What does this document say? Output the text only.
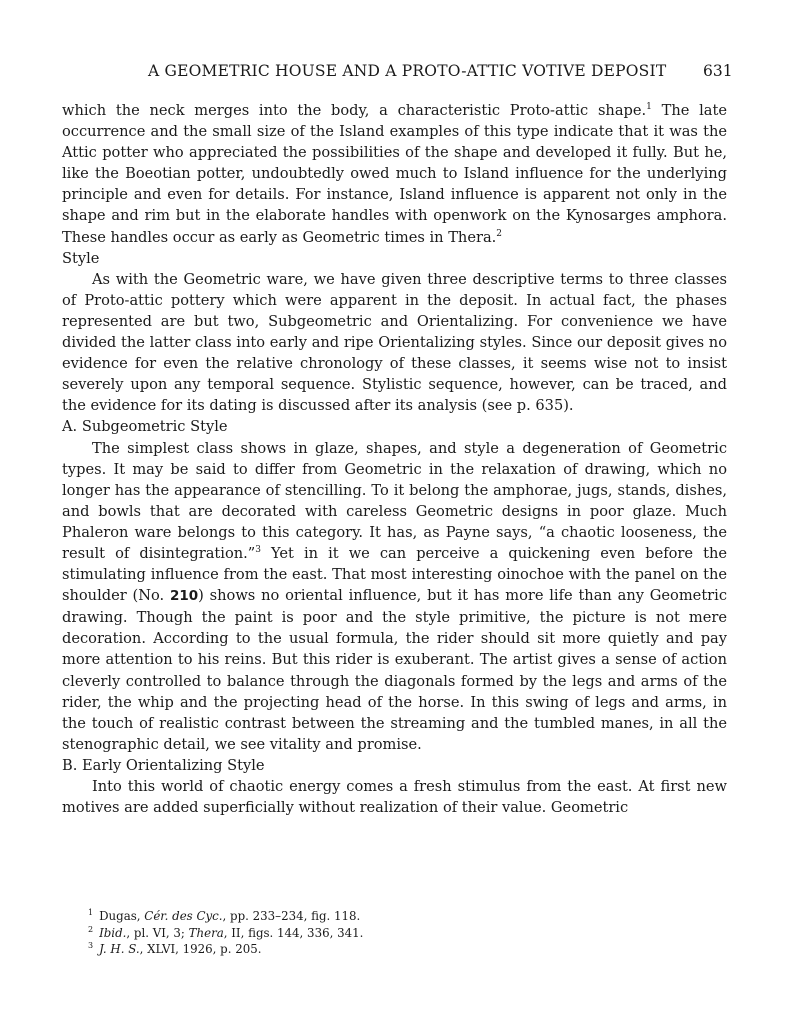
A GEOMETRIC HOUSE AND A PROTO-ATTIC VOTIVE DEPOSIT 631

which the neck merges into the body, a characteristic Proto-attic shape.$^1$ The late occurrence and the small size of the Island examples of this type indicate that it was the Attic potter who appreciated the possibilities of the shape and developed it fully. But he, like the Boeotian potter, undoubtedly owed much to Island influence for the underlying principle and even for details. For instance, Island influence is apparent not only in the shape and rim but in the elaborate handles with openwork on the Kynosarges amphora. These handles occur as early as Geometric times in Thera.$^2$

Style

As with the Geometric ware, we have given three descriptive terms to three classes of Proto-attic pottery which were apparent in the deposit. In actual fact, the phases represented are but two, Subgeometric and Orientalizing. For convenience we have divided the latter class into early and ripe Orientalizing styles. Since our deposit gives no evidence for even the relative chronology of these classes, it seems wise not to insist severely upon any temporal sequence. Stylistic sequence, however, can be traced, and the evidence for its dating is discussed after its analysis (see p. 635).

A. Subgeometric Style

The simplest class shows in glaze, shapes, and style a degeneration of Geometric types. It may be said to differ from Geometric in the relaxation of drawing, which no longer has the appearance of stencilling. To it belong the amphorae, jugs, stands, dishes, and bowls that are decorated with careless Geometric designs in poor glaze. Much Phaleron ware belongs to this category. It has, as Payne says, “a chaotic looseness, the result of disintegration.”$^3$ Yet in it we can perceive a quickening even before the stimulating influence from the east. That most interesting oinochoe with the panel on the shoulder (No. 210) shows no oriental influence, but it has more life than any Geometric drawing. Though the paint is poor and the style primitive, the picture is not mere decoration. According to the usual formula, the rider should sit more quietly and pay more attention to his reins. But this rider is exuberant. The artist gives a sense of action cleverly controlled to balance through the diagonals formed by the legs and arms of the rider, the whip and the projecting head of the horse. In this swing of legs and arms, in the touch of realistic contrast between the streaming and the tumbled manes, in all the stenographic detail, we see vitality and promise.

B. Early Orientalizing Style

Into this world of chaotic energy comes a fresh stimulus from the east. At first new motives are added superficially without realization of their value. Geometric

$^1$ Dugas, Cér. des Cyc., pp. 233–234, fig. 118.

$^2$ Ibid., pl. VI, 3; Thera, II, figs. 144, 336, 341.

$^3$ J. H. S., XLVI, 1926, p. 205.
